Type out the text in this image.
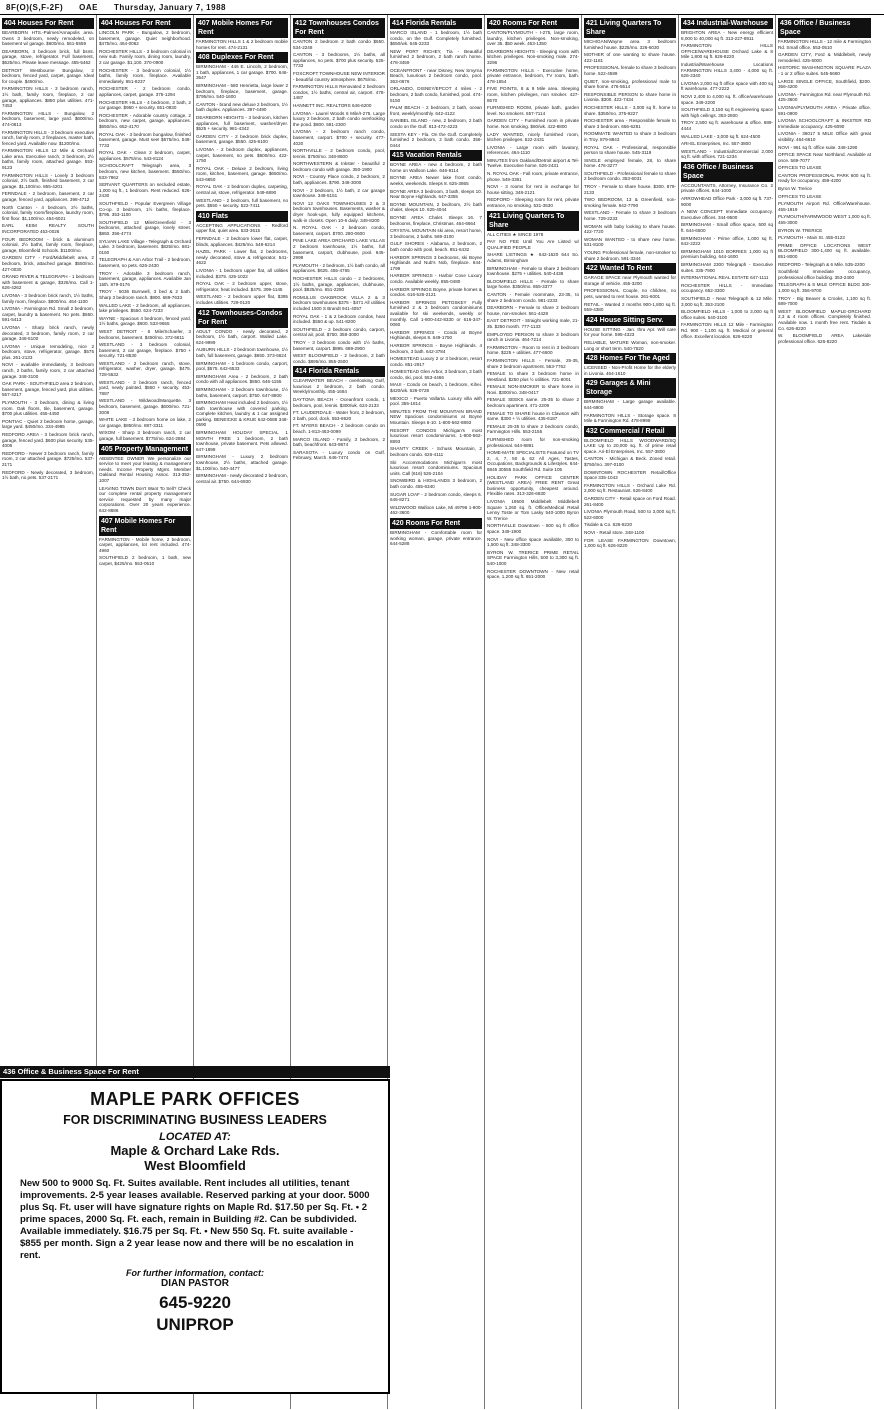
8F(O)(S,F-2F) OAE Thursday, January 7, 1988
404 Houses For Rent
BEARBORN HTS.-Palmer/Annapolis area. Owns 3 bedroom, newly remodeled, on basement w/ garage. $600/mo. 561-5559
DEARBORN, 3 bedroom brick, full bsmt. garage, stove, refrigerator. Full basement, $625/mo. Please leave message. 455-5462
DETROIT Westbourne Bungalow, 2 bedroom, fenced yard, carpet, garage. Ideal for couple. $450/mo.
FARMINGTON HILLS - 3 bedroom ranch, 1½ bath, family room, fireplace, 2 car garage, appliances. $850 plus utilities. 471-7453
FARMINGTON HILLS - Bungalow, 2 bedroom, basement, large yard. $600/mo. 474-0613
FARMINGTON HILLS - 3 bedroom executive ranch, family room, 2 fireplaces, master bath, fenced yard. Available now. $1200/mo.
FARMINGTON HILLS 12 Mile & Orchard Lake area. Executive ranch, 3 bedroom, 2½ baths, family room, attached garage. 553-9123
FARMINGTON HILLS - Lovely 3 bedroom colonial, 2½ bath, finished basement, 2 car garage. $1,100/mo. 855-4201
FERNDALE - 2 bedroom, basement, 2 car garage, fenced yard, appliances. 398-4712
North Canton - 4 bedroom, 2½ baths, colonial, family room/fireplace, laundry room, first floor. $1,100/mo. 454-6021
EARL KEIM REALTY SOUTH INCORPORATED 453-0026
FOUR BEDROOM - brick & aluminum colonial, 2½ baths, family room, fireplace, garage, Bloomfield Schools. $1100/mo.
GARDEN CITY - Ford/Middlebelt area, 2 bedroom, brick, attached garage. $550/mo. 427-0030
GRAND RIVER & TELEGRAPH - 1 bedroom with basement & garage, $325/mo. Call 1-626-4262
LIVONIA - 3 bedroom brick ranch, 1½ baths, family room, fireplace. $800/mo. 464-1100
LIVONIA - Farmington Rd. Small 2 bedroom, carpet, laundry & basement. No pets. $560. 591-5413
LIVONIA - Sharp brick ranch, newly decorated, 3 bedroom, family room, 2 car garage. 348-5100
LIVONIA - Unique remodeling, nice 2 bedroom, stove, refrigerator, garage. $575 plus. 261-2133
NOVI - available immediately, 3 bedroom ranch, 2 baths, family room, 2 car attached garage. 348-3100
OAK PARK - SOUTHFIELD area 2 bedroom, basement, garage, fenced yard, plus utilities. 557-4217
PLYMOUTH - 3 bedroom, dining & living room. Oak floors, tile, basement, garage. $700 plus utilities. 455-4450
PONTIAC - Quiet 2 bedroom home, garage, large yard. $450/mo. 334-4985
REDFORD AREA - 3 bedroom brick ranch, garage, fenced yard. $600 plus security. 535-4006
REDFORD - Newer 3 bedroom ranch, family room, 2 car attached garage. $725/mo. 537-2171
REDFORD - Newly decorated, 3 bedroom, 1½ bath, no pets. 537-2171
404 Houses For Rent
LINCOLN PARK - Bungalow, 2 bedroom, basement, garage. Quiet neighborhood. $475/mo. 464-0062
ROCHESTER HILLS - 3 bedroom colonial in new sub. Family room, dining room, laundry, 2 car garage. $1,100. 370-0900
ROCHESTER - 3 bedroom colonial, 1½ baths, family room, fireplace. Available immediately. 651-8237
ROCHESTER - 2 bedroom condo, appliances, carpet, garage. 375-1294
ROCHESTER HILLS - 4 bedroom, 2 bath, 2 car garage. $950 + security. 651-0930
ROCHESTER - Adorable country cottage, 2 bedroom, new carpet, garage, appliances. $650/mo. 652-4170
ROYAL OAK - 3 bedroom bungalow, finished basement, garage. Must see! $675/mo. 548-7733
ROYAL OAK - Clean 2 bedroom, carpet, appliances. $575/mo. 543-8124
SCHOOLCRAFT Telegraph area, 3 bedroom, new kitchen, basement. $550/mo. 533-7862
SERVANT QUARTERS on secluded estate, 1,000 sq ft., 1 bedroom. Rent reduced. 626-2430
SOUTHFIELD - Popular Evergreen Village Co-op. 3 bedroom, 1½ baths, fireplace. $795. 353-1100
SOUTHFIELD 12 Mile/Greenfield - 3 bedrooms, attached garage, lovely street. $850. 356-4774
SYLVAN LAKE Village - Telegraph & Orchard Lake. 3 bedroom, basement. $825/mo. 681-0160
TELEGRAPH & Ann Arbor Trail - 2 bedroom, basement, no pets. 626-2430
TROY - Adorable 3 bedroom ranch, basement, garage, appliances. Available Jan 15th. 879-0176
TROY - 5036 Burnwell, 3 bed & 2 bath. Sharp 3 bedroom ranch. $900. 689-7633
WALLED LAKE - 2 bedroom, all appliances, lake privileges. $550. 624-7233
WAYNE - Spacious 4 bedroom, fenced yard, 1½ baths, garage. $600. 533-9655
WEST DETROIT - 6 Mile/Schaefer, 3 bedrooms, basement. $450/mo. 372-5811
WESTLAND - 3 bedroom colonial, basement, 2 car garage, fireplace. $750 + security. 721-8530
WESTLAND - 2 bedroom ranch, stove, refrigerator, washer, dryer, garage. $475. 728-5532
WESTLAND - 3 bedroom ranch, fenced yard, newly painted. $550 + security. 453-7887
WESTLAND - Wildwood/Marquette. 3 bedroom, basement, garage. $600/mo. 721-3008
WHITE LAKE - 3 bedroom home on lake, 2 car garage, $850/mo. 887-3311
WIXOM - Sharp 3 bedroom ranch, 2 car garage, full basement. $775/mo. 624-2884
405 Property Management
ABSENTEE OWNER We personalize our service to meet your leasing & management needs. Income Property Mgmt. Member Oakland Rental Housing Assoc. 313-352-1007
LEAVING TOWN Don't Want To Sell? Check our complete rental property management service requested by many major corporations. Over 20 years experience. 642-8686
407 Mobile Homes For Rent
FARMINGTON - Mobile home, 2 bedroom, carpet, appliances, lot rent included. 474-4960
SOUTHFIELD 2 bedroom, 1 bath, new carpet, $425/mo. 553-0510
407 Mobile Homes For Rent
FARMINGTON HILLS 1 & 2 bedroom mobile homes for rent. 474-2131
408 Duplexes For Rent
BIRMINGHAM - 446 E. Lincoln, 2 bedroom, 1 bath, appliances, 1 car garage. $700. 646-3547
BIRMINGHAM - 580 Henrietta, large lower 2 bedroom, fireplace, basement, garage. $795/mo. 540-1600
CANTON - brand new deluxe 2 bedroom, 1½ bath duplex. Appliances. 397-4490
DEARBORN HEIGHTS - 3 bedroom, kitchen appliances, full basement, washer/dryer. $525 + security. 981-4342
GARDEN CITY - 2 bedroom brick duplex, basement, garage. $550. 425-8100
LIVONIA - 2 bedroom duplex, appliances, carpet, basement, no pets. $600/mo. 422-1750
ROYAL OAK - Deluxe 2 bedroom, living room, kitchen, basement, garage. $650/mo. 543-6650
ROYAL OAK - 2 bedroom duplex, carpeting, central air, stove, refrigerator. 549-6890
WESTLAND - 2 bedroom, full basement, no pets. $550 + security. 522-7411
410 Flats
ACCEPTING APPLICATIONS - Redford upper flat, quiet area. 533-3615
FERNDALE - 2 bedroom lower flat, carpet, blinds, appliances. $425/mo. 548-6214
HAZEL PARK - Lower flat, 2 bedrooms, newly decorated, stove & refrigerator. 541-4622
LIVONIA - 1 bedroom upper flat, all utilities included. $375. 425-1022
ROYAL OAK - 2 bedroom upper, stove, refrigerator, heat included. $475. 399-1145
WESTLAND - 2 bedroom upper flat, $395 includes utilities. 729-0120
412 Townhouses-Condos For Rent
ADULT CONDO - newly decorated, 2 bedroom, 1½ bath, carport. Walled Lake. 624-9999
AUBURN HILLS - 2 bedroom townhouse, 1½ bath, full basement, garage. $650. 373-6624
BIRMINGHAM - 1 bedroom condo, carport, pool, $575. 642-6533
BIRMINGHAM Area - 2 bedroom, 2 bath condo with all appliances. $850. 646-1155
BIRMINGHAM - 2 bedroom townhouse, 1½ baths, basement, carport. $750. 647-8800
BIRMINGHAM Heat included 2 bedroom, 1½ bath townhouse with covered parking. Complete kitchen, laundry & 1 car assigned parking. BENEICKE & KRUE 642-0688 348-0590
BIRMINGHAM HOLIDAY SPECIAL 1 MONTH FREE 1 bedroom, 2 bath townhouse, private basement. Pets allowed. 647-1898
BIRMINGHAM - Luxury 2 bedroom townhouse, 2½ baths, attached garage. $1,100/mo. 540-4477
BIRMINGHAM - newly decorated 2 bedroom, central air. $750. 644-6930
412 Townhouses Condos For Rent
CANTON 2 bedroom 2 bath condo $650. 534-2248
CANTON - 3 bedrooms, 1½ baths, all appliances, no pets. $700 plus security. 525-7733
FOXCROFT TOWNHOUSE NEW INTERIOR - beautiful country atmosphere. $675/mo.
FARMINGTON HILLS Renovated 2 bedroom condos, 1½ baths, central air, carport. 478-1487
HANNETT INC. REALTORS 646-6200
LIVONIA - Laurel Woods 6 Mile/I-275. Large luxury 2 bedroom, 2 bath condo overlooking the pond. $800. 591-2300
LIVONIA - 2 bedroom ranch condo, basement, carport. $700 + security. 477-4020
NORTHVILLE - 2 bedroom condo, pool, tennis. $750/mo. 348-8600
NORTHWESTERN & Inkster - beautiful 2 bedroom condo with garage. 350-1900
NOVI - Country Place condo, 2 bedroom, 2 bath, appliances. $790. 348-3000
NOVI - 2 bedroom, 1½ bath, 2 car garage townhouse. 348-5151
NOVI 12 OAKS TOWNHOUSES 2 & 3 bedroom townhouses. Basements, washer & dryer hook-ups, fully equipped kitchens, walk-in closets. Open 10-6 daily. 349-8200
N. ROYAL OAK - 2 bedroom condo, basement, carport. $700. 280-0600
PINE LAKE AREA ORCHARD LAKE VILLAS 2 bedroom townhouse, 1½ baths, full basement, carport, clubhouse, pool. 645-2999
PLYMOUTH - 2 bedroom, 1½ bath condo, all appliances. $625. 455-4765
ROCHESTER HILLS condo - 2 bedrooms, 1½ baths, garage, appliances, clubhouse, pool. $825/mo. 651-2280
ROMULUS OAKBROOK VILLA 2 & 3 bedroom townhouses $375 - $471 All utilities included 1500 S Brandt 941-4057
ROYAL OAK - 1 & 2 bedroom condos, heat included. $550 & up. 541-8200
SOUTHFIELD - 2 bedroom condo, carport, central air, pool. $750. 358-3000
TROY - 3 bedroom condo with 1½ baths, basement, carport. $895. 689-2900
WEST BLOOMFIELD - 2 bedroom, 2 bath condo. $895/mo. 855-2500
414 Florida Rentals
CLEARWATER BEACH - overlooking Gulf, luxurious 2 bedroom, 2 bath condo. Weekly/monthly. 455-1684
DAYTONA BEACH - Oceanfront condo, 1 bedroom, pool, tennis. $300/wk. 624-2133
FT. LAUDERDALE - Water front, 2 bedroom, 2 bath, pool, dock. 553-8620
FT. MYERS BEACH - 2 bedroom condo on beach. 1-813-463-0099
MARCO ISLAND - Family, 3 bedroom, 2 bath, beachfront. 643-9874
SARASOTA - Luxury condo on Gulf. February, March. 646-7474
414 Florida Rentals
MARCO ISLAND - 1 bedroom, 1½ bath condo, on the Gulf. Completely furnished. $650/wk. 645-2233
NEW PORT RICHEY, Tia - Beautiful furnished 2 bedroom, 2 bath ranch home. 478-3459
OCEANFRONT - near Disney, New Smyrna Beach, luxurious 2 bedroom condo, pool. 363-0676
ORLANDO, DISNEY/EPCOT 4 miles - 2 bedroom, 2 bath condo, furnished, pool. 474-5150
PALM BEACH - 2 bedroom, 2 bath, ocean front, weekly/monthly. 642-4122
SANIBEL ISLAND - new, 2 bedroom, 2 bath condo on the Gulf. 813-472-4223
SIESTA KEY - Fla. On the Gulf. Completely furnished 2 bedroom, 2 bath condo. 356-0444
415 Vacation Rentals
BOYNE AREA - new 4 bedroom, 2 bath home on Walloon Lake. 646-9114
BOYNE AREA Newer lake front condo, weeks, weekends. Sleeps 8. 625-3865
BOYNE AREA 3 bedroom, 3 bath, sleeps 10. Near Boyne Highlands. 647-3355
BOYNE MOUNTAIN, 2 bedroom, 2½ bath chalet, sleeps 10. 625-4044
BOYNE AREA Chalet. Sleeps 16. 7 bedrooms, fireplace, Christmas. 464-6664
CRYSTAL MOUNTAIN ski area, resort home, 3 bedrooms, 2 baths. 569-3100
GULF SHORES - Alabama, 2 bedroom, 2 bath condo with pool, beach. 851-6432
HARBOR SPRINGS 3 bedrooms, ski Boyne Highlands and Nub's Nob, fireplace. 644-1799
HARBOR SPRINGS - Harbor Cove Luxury condo. Available weekly. 855-0480
HARBOR SPRINGS Boyne, private homes & condos. 616-526-2121
HARBOR SPRINGS PETOSKEY Fully furnished 2 & 3 bedroom condominiums available for ski weekends, weekly or monthly. Call 1-800-442-8330 or 616-347-0060
HARBOR SPRINGS - Condo at Boyne Highlands, sleeps 8. 649-1750
HARBOR SPRINGS - Boyne Highlands. 4 bedroom, 3 bath. 642-3784
HOMESTEAD Luxury 2 or 3 bedroom, resort condo. 851-2917
HOMESTEAD Glen Arbor, 3 bedroom, 2 bath condo, ski, pool. 553-4466
MAUI - Condo on beach, 1 bedroom, Kihei. $420/wk. 626-0728
MEXICO - Puerto Vallarta. Luxury villa with pool. 355-1814
MINUTES FROM THE MOUNTAIN BRAND NEW Spacious condominiums at Boyne Mountain. Sleeps 6-10. 1-800-562-8893
RESORT CONDOS Michigan's most luxurious resort condominiums. 1-800-562-8893
SHANTY CREEK - Schuss Mountain, 2 bedroom condo. 626-4111
Ski Accommodations Michigan's most luxurious resort condominiums. Spacious units. Call (616) 526-2104
SNOWBIRD & HIGHLANDS 3 bedroom, 2 bath condo. 455-6340
SUGAR LOAF - 2 bedroom condo, sleeps 6. 646-8271
WILDWOOD Walloon Lake, Mi 49796 1-800-462-3600
420 Rooms For Rent
BIRMINGHAM - Comfortable room for working woman, garage, private entrance. 644-5288
420 Rooms For Rent
CANTON/PLYMOUTH - I-275, large room, laundry, kitchen privileges. Non-smoking, over 35. $50 week. 453-1350
DEARBORN HEIGHTS - Sleeping room with kitchen privileges. Non-smoking male. 274-3296
FARMINGTON HILLS - Executive home, private entrance, bedroom, TV room, bath. 478-1654
FIVE POINTS, 8 & 9 Mile area. Sleeping room, kitchen privileges, non smoker. 427-8570
FURNISHED ROOM, private bath, garden level. No smokers. 557-7114
GARDEN CITY - Furnished room in private home. Non smoking. $60/wk. 422-8800
LADY WANTED, nicely furnished room, kitchen privileges. 522-2431
LIVONIA - Large room with lavatory, references. 464-1110
MINUTES from Oakland/Detroit airport & Tel-Twelve. Executive home. 626-2431
N. ROYAL OAK - Fall room, private entrance, phone. 549-3361
NOVI - 3 rooms for rent in exchange for house sitting. 348-2121
REDFORD - Sleeping room for rent, private entrance, no smoking. 531-3530
421 Living Quarters To Share
ALL CITIES ★ SINCE 1978
PAY NO FEE Until You Are Listed w/ QUALIFIED PEOPLE
SHARE LISTINGS ★ 642-1620 644 So. Adams, Birmingham
BIRMINGHAM - Female to share 2 bedroom townhouse. $275 + utilities. 540-4438
BLOOMFIELD HILLS - Female to share large home. $350/mo. 855-3377
CANTON - Female roommate, 23-35, to share 2 bedroom condo. 981-2233
DEARBORN - Female to share 2 bedroom house, non-smoker. 561-4428
EAST DETROIT - Straight working male, 21-35. $250 month. 777-1133
EMPLOYED PERSON to share 3 bedroom ranch in Livonia. 464-7214
FARMINGTON - Room to rent in 3 bedroom home. $225 + utilities. 477-6600
FARMINGTON HILLS - Female, 25-35, share 2 bedroom apartment. 553-7762
FEMALE to share 3 bedroom home in Westland. $250 plus ½ utilities. 721-8001
FEMALE NON-SMOKER to share home in Novi. $300/mo. 348-0417
FEMALE SEEKS same. 25-35 to share 2 bedroom apartment. 471-2209
FEMALE TO SHARE house in Clawson with same. $300 + ½ utilities. 435-6187
FEMALE 25-35 to share 2 bedroom condo, Farmington Hills. 553-2155
FURNISHED room for non-smoking professional. 644-8891
HOME-MATE SPECIALISTS Featured on TV 2, 4, 7, 50 & 62 All Ages, Tastes, Occupations, Backgrounds & Lifestyles. 644-6845 30555 Southfield Rd. Suite 105
HOLIDAY PARK OFFICE CENTER (WESTLAND AREA) FREE RENT Great business opportunity, cheapest around. Flexible rates. 313-326-6830
LIVONIA 19500 Middlebelt Middlebelt Square 1,260 sq. ft. Office/Medical Retail Lenny Toste or Tom Lasky 540-1000 Byron W. Trerice
NORTHVILLE Downtown - 500 sq ft office space. 349-1900
NOVI - New office space available, 300 to 1,500 sq ft. 348-3300
BYRON W. TRERICE PRIME RETAIL SPACE Farmington Hills, 500 to 3,300 sq ft. 540-1000
ROCHESTER DOWNTOWN - New retail space, 1,200 sq ft. 651-2000
421 Living Quarters To Share
MICHIGAN/Wayne area 3 bedroom furnished house. $225/mo. 326-6030
MOTHER of one wanting to share house. 422-1181
PROFESSIONAL female to share 3 bedroom home. 522-4589
QUIET, non-smoking, professional male to share home. 476-5514
RESPONSIBLE PERSON to share home in Livonia. $300. 422-7434
ROCHESTER HILLS - 3,000 sq ft. home to share. $350/mo. 375-9227
ROCHESTER area - Responsible female to share 3 bedroom. 656-6281
ROOMMATE WANTED to share 3 bedroom in Troy. 879-8843
ROYAL OAK - Professional, responsible person to share house. 545-3119
SINGLE employed female, 28, to share home. 476-3277
SOUTHFIELD - Professional female to share 2 bedroom condo. 353-6031
TROY - Female to share house. $300. 879-2133
TWO BEDROOM, 13 & Greenfield, non-smoking female. 642-7790
WESTLAND - Female to share 3 bedroom home. 729-2233
WOMAN with baby looking to share house. 422-7720
WOMAN WANTED - to share new home. 531-8100
YOUNG Professional female, non-smoker to share 2 bedroom. 591-3344
422 Wanted To Rent
GARAGE SPACE near Plymouth wanted for storage of vehicle. 455-3200
PROFESSIONAL Couple, no children, no pets, wanted to rent house. 261-6001
RETAIL - Wanted 2 months 900-1,800 sq ft. 559-4380
424 House Sitting Serv.
HOUSE SITTING - Jan. thru Apr. Will care for your home. 595-4323
RELIABLE, MATURE Woman, non-smoker. Long or short term. 540-7820
428 Homes For The Aged
LICENSED - Non-Profit Home for the elderly in Livonia. 464-1610
429 Garages & Mini Storage
BIRMINGHAM - Large garage available. 644-6900
FARMINGTON HILLS - Storage space. 8 Mile & Farmington Rd. 478-8998
432 Commercial / Retail
BLOOMFIELD HILLS WOODWARD/SQ LAKE Up to 20,000 sq. ft. of prime retail space. Ari-El Enterprises, Inc. 557-3800
CANTON - Michigan & Beck. Zoned retail. $750/mo. 397-0100
DOWNTOWN ROCHESTER Retail/Office Space 335-1043
FARMINGTON HILLS - Orchard Lake Rd. 2,000 sq ft. Restaurant. 626-8400
GARDEN CITY - Retail space on Ford Road. 261-8400
LIVONIA Plymouth Road, 500 to 3,000 sq ft. 522-6000
Tisdale & Co. 626-8220
NOVI - Retail store. 348-1100
FOR LEASE FARMINGTON Downtown, 1,000 sq ft. 626-8220
434 Industrial-Warehouse
BRIGHTON AREA - New energy efficient 8,000 to 40,000 sq ft. 313-227-8911
FARMINGTON HILLS OFFICE/WAREHOUSE Orchard Lake & 8 Mile 1,800 sq ft. 626-8220
Industrial/Warehouse Locations FARMINGTON HILLS 3,400 - 4,000 sq ft. 626-2340
LIVONIA 2,000 sq ft office space with 400 sq ft warehouse. 477-2222
NOVI 2,400 to 4,000 sq. ft. office/warehouse space. 349-2200
SOUTHFIELD 3,150 sq ft engineering space with high ceilings. 353-2800
TROY 2,500 sq ft. warehouse & office. 689-4444
WALLED LAKE - 3,000 sq ft. 624-4500
ARI-EL Enterprises, Inc. 557-3800
WESTLAND - Industrial/Commercial 2,000 sq ft. with offices. 721-1234
436 Office / Business Space
ACCOUNTANTS, Attorney, Insurance Co. 2 private offices. 644-1000
ARROWHEAD Office Park - 3,000 sq ft. 737-9000
A NEW CONCEPT Immediate occupancy. Executive offices. 344-9500
BIRMINGHAM - Small office space, 500 sq ft. 644-6500
BIRMINGHAM - Prime office, 1,000 sq ft. 642-2222
BIRMINGHAM 1010 BORRIES 1,000 sq ft premium building. 644-1600
BIRMINGHAM 2300 Telegraph - Executive suites. 335-7900
INTERNATIONAL REAL ESTATE 647-1111
ROCHESTER HILLS - Immediate occupancy. 652-3300
SOUTHFIELD - Near Telegraph & 12 Mile. 3,000 sq ft. 353-2100
BLOOMFIELD HILLS - 1,000 to 3,000 sq ft office suites. 540-3100
FARMINGTON HILLS 12 Mile - Farmington Rd. 900 - 1,100 sq. ft. Medical or general office. Excellent location. 626-8220
436 Office / Business Space
FARMINGTON HILLS - 12 mile & Farmington Rd. Small office. 553-0510
GARDEN CITY, Ford & Middlebelt, newly remodeled. 425-5000
HISTORIC WASHINGTON SQUARE PLAZA - 1 or 2 office suites. 545-5680
LARGE SINGLE OFFICE, Southfield, $200. 356-4200
LIVONIA - Farmington Rd. near Plymouth Rd. 425-3600
LIVONIA/PLYMOUTH AREA - Private office. 591-0900
LIVONIA SCHOOLCRAFT & INKSTER RD Immediate occupancy. 425-6090
LIVONIA - 36017 5 MILE Office with great visibility. 464-6610
NOVI - 961 sq ft. office suite. 348-1290
OFFICE SPACE Near Northland. Available at once. 569-7077
OFFICES TO LEASE
CANTON PROFESSIONAL PARK 600 sq ft. ready for occupancy. 459-4200
Byron W. Trerice
OFFICES TO LEASE
PLYMOUTH Airport Rd. Office/Warehouse. 455-1919
PLYMOUTH/FARMWOOD WEST 1,000 sq ft. 455-3000
BYRON W. TRERICE
PLYMOUTH - Main St. 455-0123
PRIME OFFICE LOCATIONS WEST BLOOMFIELD 300-1,400 sq ft. available. 851-8000
REDFORD - Telegraph & 6 Mile. 535-2200
Southfield Immediate occupancy, professional office building. 353-2400
TELEGRAPH & 8 MILE OFFICE BLDG 300-1,000 sq ft. 356-9700
TROY - Big Beaver & Crooks, 1,100 sq ft. 689-7000
WEST BLOOMFIELD MAPLE-ORCHARD 2,3 & 4 room offices. Completely finished. Available now. 1 month free rent. Tisdale & Co. 626-8220
W. BLOOMFIELD AREA Lakeside professional office. 626-8220
436 Office & Business Space For Rent
MAPLE PARK OFFICES
FOR DISCRIMINATING BUSINESS LEADERS
LOCATED AT:
Maple & Orchard Lake Rds.
West Bloomfield
New 500 to 9000 Sq. Ft. Suites available. Rent includes all utilities, tenant improvements. 2-5 year leases available. Reserved parking at your door. 5000 plus Sq. Ft. user will have signature rights on Maple Rd. $17.50 per Sq. Ft. • 2 prime spaces, 2000 Sq. Ft. each, remain in Building #2. Can be subdivided. Available immediately. $16.75 per Sq. Ft. • New 550 Sq. Ft. suite available - $855 per month. Sign a 2 year lease now and there will be no escalation in rent.
For further information, contact:
DIAN PASTOR
645-9220
UNIPROP
